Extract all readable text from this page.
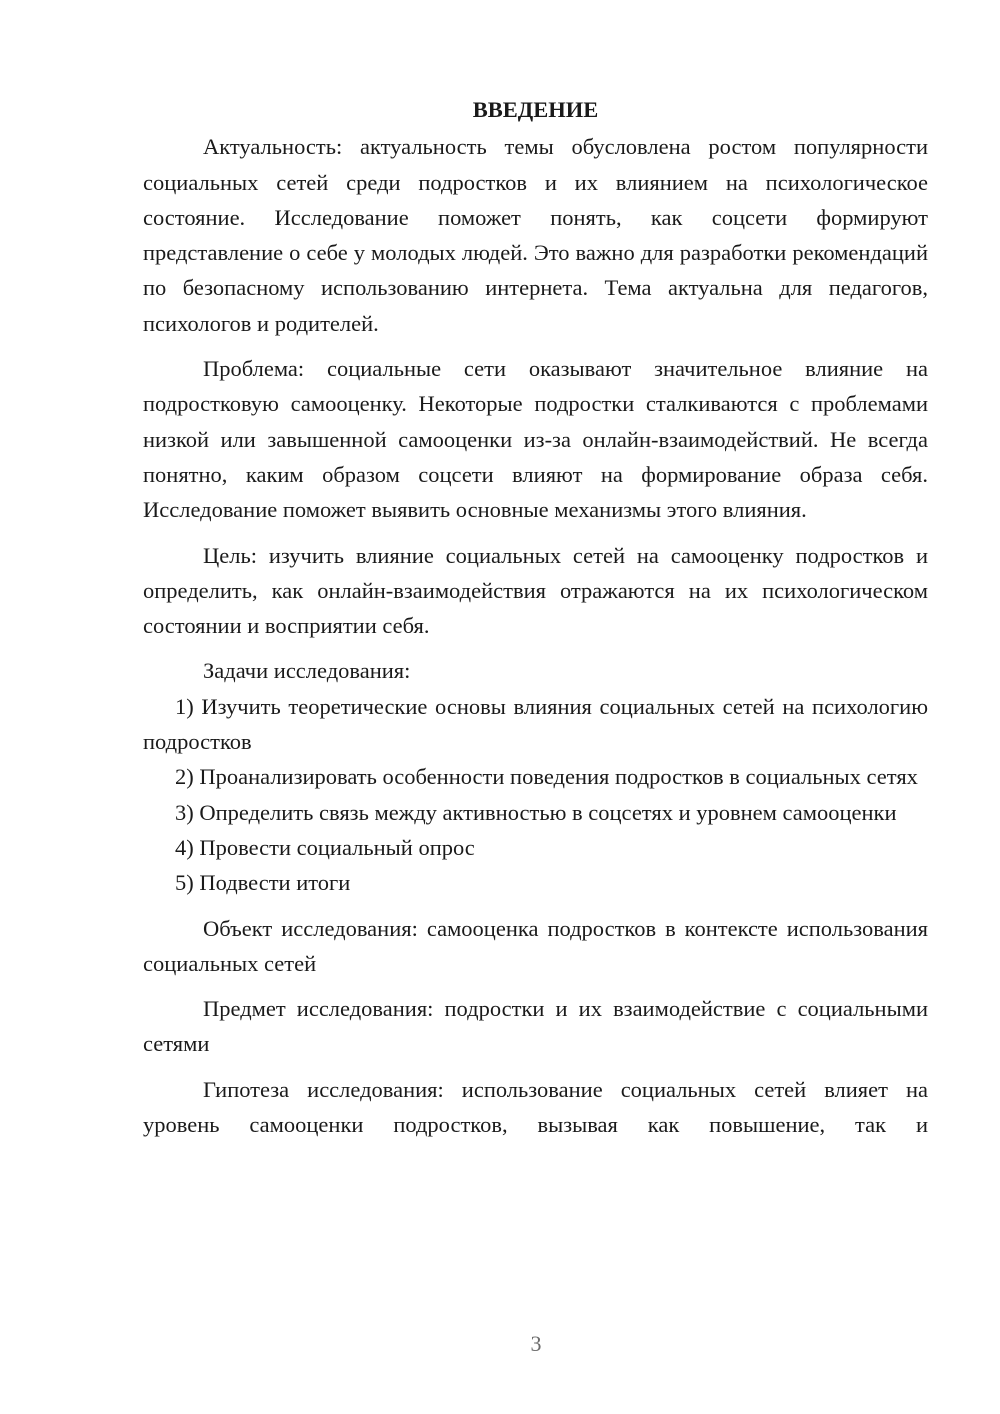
ВВЕДЕНИЕ

Актуальность: актуальность темы обусловлена ростом популярности социальных сетей среди подростков и их влиянием на психологическое состояние. Исследование поможет понять, как соцсети формируют представление о себе у молодых людей. Это важно для разработки рекомендаций по безопасному использованию интернета. Тема актуальна для педагогов, психологов и родителей.

Проблема: социальные сети оказывают значительное влияние на подростковую самооценку. Некоторые подростки сталкиваются с проблемами низкой или завышенной самооценки из-за онлайн-взаимодействий. Не всегда понятно, каким образом соцсети влияют на формирование образа себя. Исследование поможет выявить основные механизмы этого влияния.

Цель: изучить влияние социальных сетей на самооценку подростков и определить, как онлайн-взаимодействия отражаются на их психологическом состоянии и восприятии себя.

Задачи исследования:

1) Изучить теоретические основы влияния социальных сетей на психологию подростков

2) Проанализировать особенности поведения подростков в социальных сетях

3) Определить связь между активностью в соцсетях и уровнем самооценки

4) Провести социальный опрос

5) Подвести итоги

Объект исследования: самооценка подростков в контексте использования социальных сетей

Предмет исследования: подростки и их взаимодействие с социальными сетями

Гипотеза исследования: использование социальных сетей влияет на уровень самооценки подростков, вызывая как повышение, так и

3
